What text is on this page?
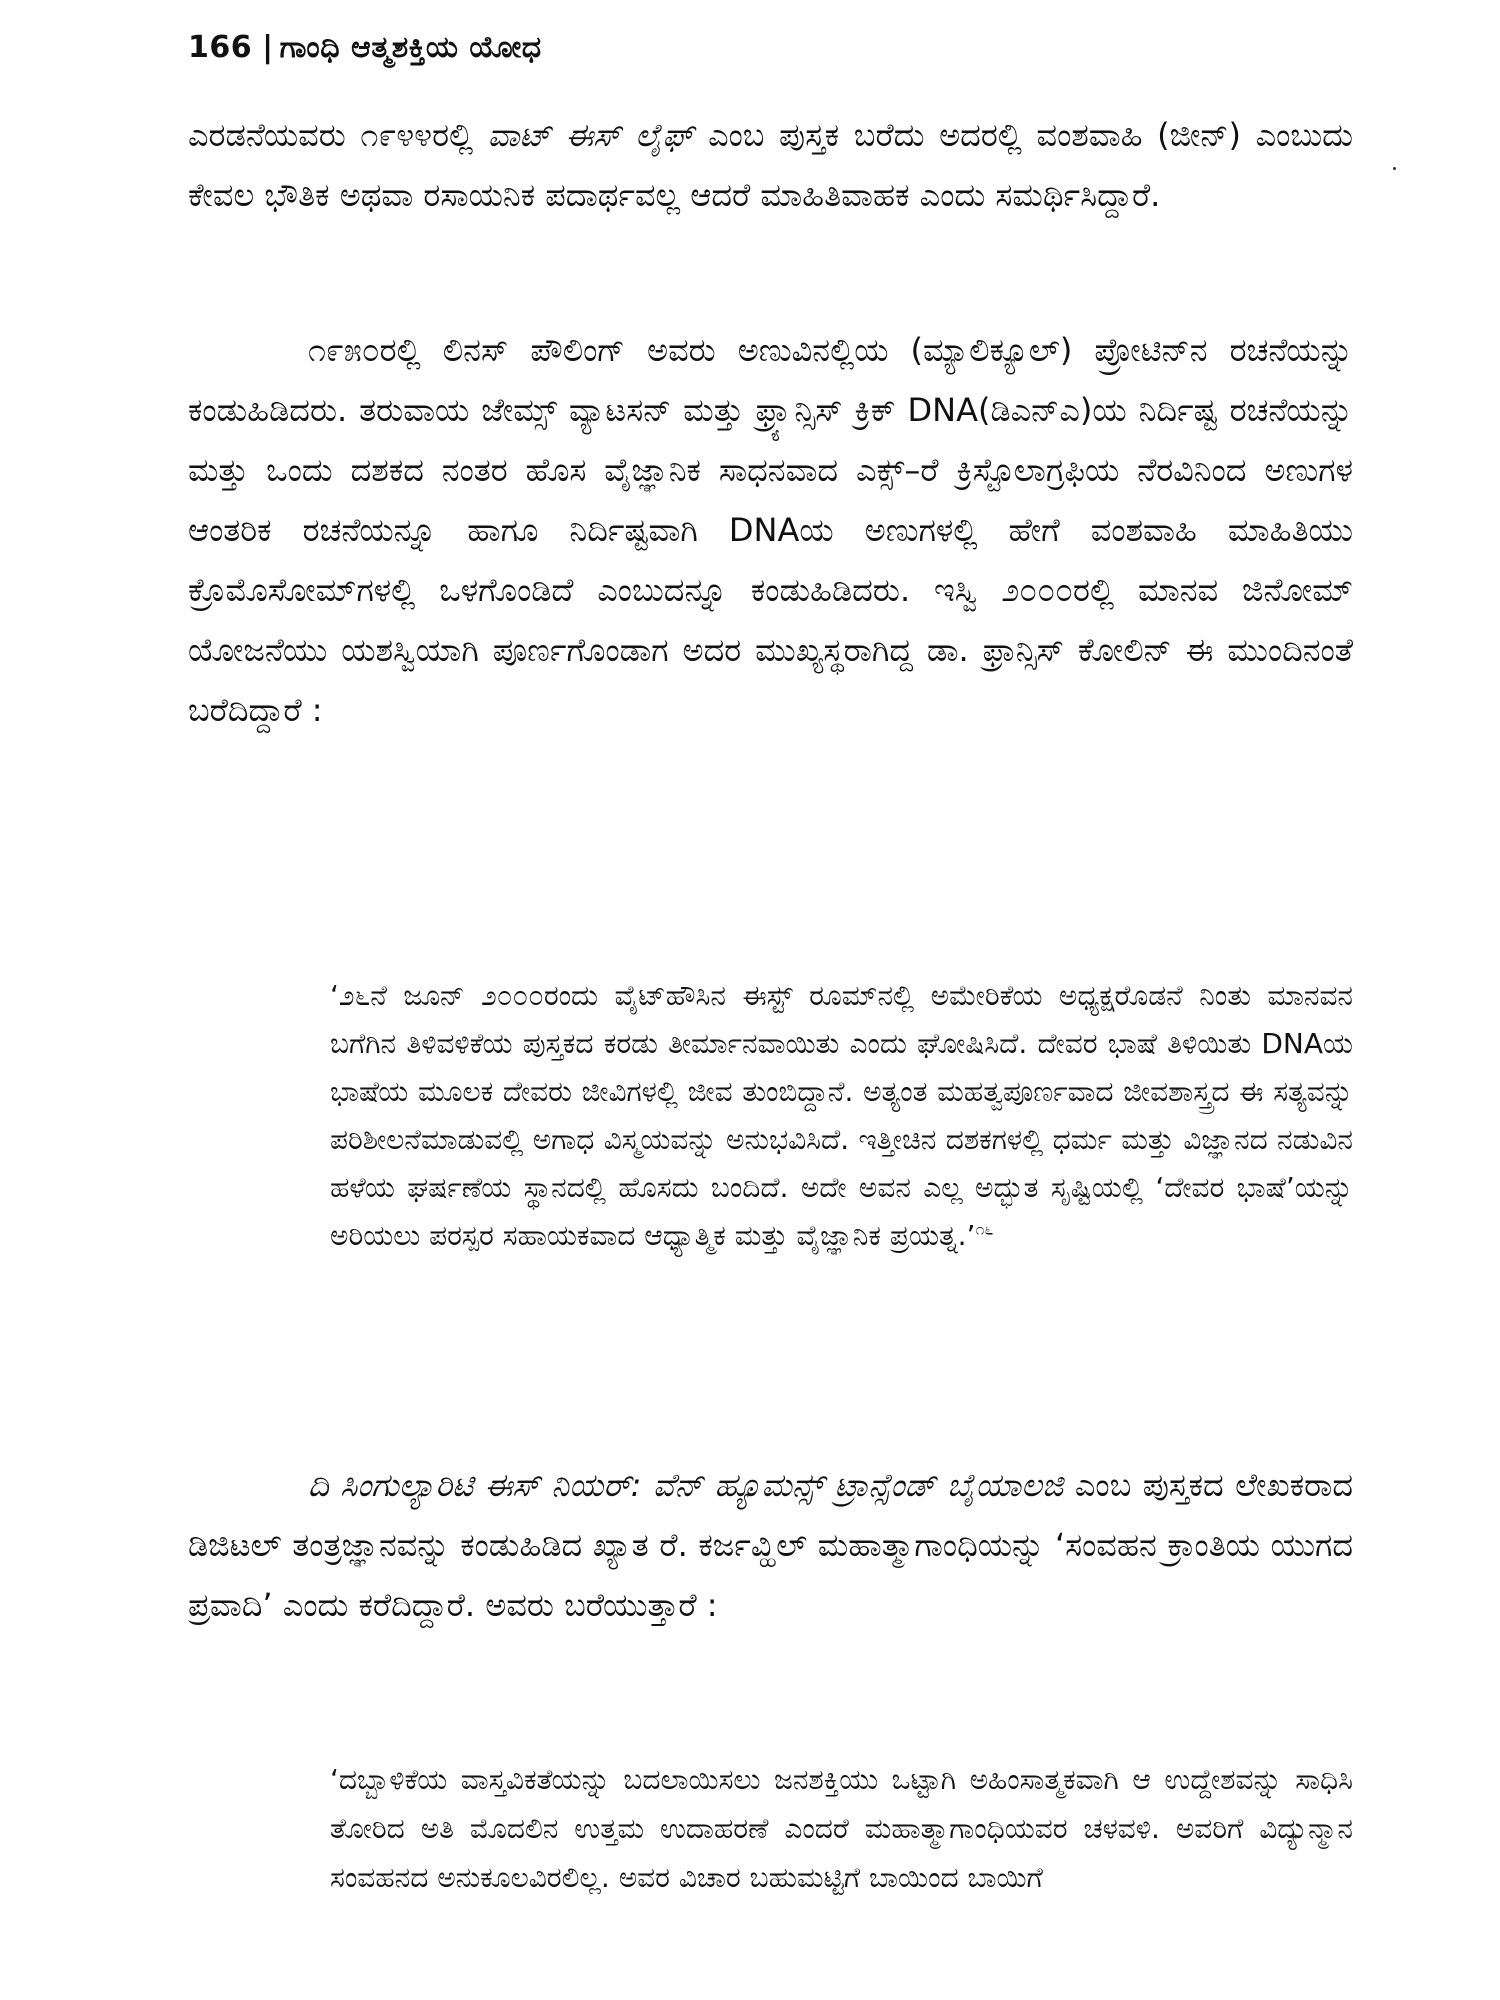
166 | ಗಾಂಧಿ ಆತ್ಮಶಕ್ತಿಯ ಯೋಧ

ಎರಡನೆಯವರು ೧೯೪೪ರಲ್ಲಿ ವಾಟ್ ಈಸ್ ಲೈಫ್ ಎಂಬ ಪುಸ್ತಕ ಬರೆದು ಅದರಲ್ಲಿ ವಂಶವಾಹಿ (ಜೀನ್) ಎಂಬುದು ಕೇವಲ ಭೌತಿಕ ಅಥವಾ ರಸಾಯನಿಕ ಪದಾರ್ಥವಲ್ಲ ಆದರೆ ಮಾಹಿತಿವಾಹಕ ಎಂದು ಸಮರ್ಥಿಸಿದ್ದಾರೆ.

೧೯೫೦ರಲ್ಲಿ ಲಿನಸ್ ಪೌಲಿಂಗ್ ಅವರು ಅಣುವಿನಲ್ಲಿಯ (ಮ್ಯಾಲಿಕ್ಯೂಲ್) ಪ್ರೋಟಿನ್‌ನ ರಚನೆಯನ್ನು ಕಂಡುಹಿಡಿದರು. ತರುವಾಯ ಜೇಮ್ಸ್ ವ್ಯಾಟಸನ್ ಮತ್ತು ಫ್ರ್ಯಾನ್ಸಿಸ್ ಕ್ರಿಕ್ DNA(ಡಿಎನ್‌ಎ)ಯ ನಿರ್ದಿಷ್ಟ ರಚನೆಯನ್ನು ಮತ್ತು ಒಂದು ದಶಕದ ನಂತರ ಹೊಸ ವೈಜ್ಞಾನಿಕ ಸಾಧನವಾದ ಎಕ್ಸ್–ರೆ ಕ್ರಿಸ್ಟೊಲಾಗ್ರಫಿಯ ನೆರವಿನಿಂದ ಅಣುಗಳ ಆಂತರಿಕ ರಚನೆಯನ್ನೂ ಹಾಗೂ ನಿರ್ದಿಷ್ಟವಾಗಿ DNAಯ ಅಣುಗಳಲ್ಲಿ ಹೇಗೆ ವಂಶವಾಹಿ ಮಾಹಿತಿಯು ಕ್ರೊಮೊಸೋಮ್‌ಗಳಲ್ಲಿ ಒಳಗೊಂಡಿದೆ ಎಂಬುದನ್ನೂ ಕಂಡುಹಿಡಿದರು. ಇಸ್ವಿ ೨೦೦೦ರಲ್ಲಿ ಮಾನವ ಜಿನೋಮ್ ಯೋಜನೆಯು ಯಶಸ್ವಿಯಾಗಿ ಪೂರ್ಣಗೊಂಡಾಗ ಅದರ ಮುಖ್ಯಸ್ಥರಾಗಿದ್ದ ಡಾ. ಫ್ರಾನ್ಸಿಸ್ ಕೋಲಿನ್ ಈ ಮುಂದಿನಂತೆ ಬರೆದಿದ್ದಾರೆ :

‘೨೬ನೆ ಜೂನ್ ೨೦೦೦ರಂದು ವೈಟ್‌ಹೌಸಿನ ಈಸ್ಟ್ ರೂಮ್‌ನಲ್ಲಿ ಅಮೇರಿಕೆಯ ಅಧ್ಯಕ್ಷರೊಡನೆ ನಿಂತು ಮಾನವನ ಬಗೆಗಿನ ತಿಳಿವಳಿಕೆಯ ಪುಸ್ತಕದ ಕರಡು ತೀರ್ಮಾನವಾಯಿತು ಎಂದು ಘೋಷಿಸಿದೆ. ದೇವರ ಭಾಷೆ ತಿಳಿಯಿತು DNAಯ ಭಾಷೆಯ ಮೂಲಕ ದೇವರು ಜೀವಿಗಳಲ್ಲಿ ಜೀವ ತುಂಬಿದ್ದಾನೆ. ಅತ್ಯಂತ ಮಹತ್ವಪೂರ್ಣವಾದ ಜೀವಶಾಸ್ತ್ರದ ಈ ಸತ್ಯವನ್ನು ಪರಿಶೀಲನೆಮಾಡುವಲ್ಲಿ ಅಗಾಧ ವಿಸ್ಮಯವನ್ನು ಅನುಭವಿಸಿದೆ. ಇತ್ತೀಚಿನ ದಶಕಗಳಲ್ಲಿ ಧರ್ಮ ಮತ್ತು ವಿಜ್ಞಾನದ ನಡುವಿನ ಹಳೆಯ ಘರ್ಷಣೆಯ ಸ್ಥಾನದಲ್ಲಿ ಹೊಸದು ಬಂದಿದೆ. ಅದೇ ಅವನ ಎಲ್ಲ ಅದ್ಭುತ ಸೃಷ್ಟಿಯಲ್ಲಿ ‘ದೇವರ ಭಾಷೆ’ಯನ್ನು ಅರಿಯಲು ಪರಸ್ಪರ ಸಹಾಯಕವಾದ ಆಧ್ಯಾತ್ಮಿಕ ಮತ್ತು ವೈಜ್ಞಾನಿಕ ಪ್ರಯತ್ನ.’$^{೧೬}$

ದಿ ಸಿಂಗುಲ್ಯಾರಿಟಿ ಈಸ್ ನಿಯರ್: ವೆನ್ ಹ್ಯೂಮನ್ಸ್ ಟ್ರಾನ್ಸೆಂಡ್ ಬೈಯಾಲಜಿ ಎಂಬ ಪುಸ್ತಕದ ಲೇಖಕರಾದ ಡಿಜಿಟಲ್ ತಂತ್ರಜ್ಞಾನವನ್ನು ಕಂಡುಹಿಡಿದ ಖ್ಯಾತ ರೆ. ಕರ್ಜವ್ಹಿಲ್ ಮಹಾತ್ಮಾಗಾಂಧಿಯನ್ನು ‘ಸಂವಹನ ಕ್ರಾಂತಿಯ ಯುಗದ ಪ್ರವಾದಿ’ ಎಂದು ಕರೆದಿದ್ದಾರೆ. ಅವರು ಬರೆಯುತ್ತಾರೆ :

‘ದಬ್ಬಾಳಿಕೆಯ ವಾಸ್ತವಿಕತೆಯನ್ನು ಬದಲಾಯಿಸಲು ಜನಶಕ್ತಿಯು ಒಟ್ಟಾಗಿ ಅಹಿಂಸಾತ್ಮಕವಾಗಿ ಆ ಉದ್ದೇಶವನ್ನು ಸಾಧಿಸಿ ತೋರಿದ ಅತಿ ಮೊದಲಿನ ಉತ್ತಮ ಉದಾಹರಣೆ ಎಂದರೆ ಮಹಾತ್ಮಾಗಾಂಧಿಯವರ ಚಳವಳಿ. ಅವರಿಗೆ ವಿದ್ಯುನ್ಮಾನ ಸಂವಹನದ ಅನುಕೂಲವಿರಲಿಲ್ಲ. ಅವರ ವಿಚಾರ ಬಹುಮಟ್ಟಿಗೆ ಬಾಯಿಂದ ಬಾಯಿಗೆ
